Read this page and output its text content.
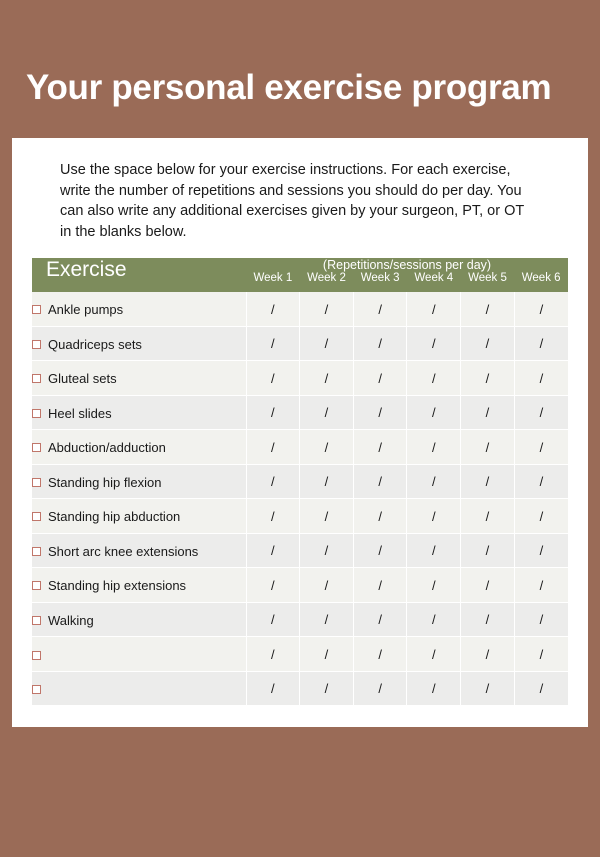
Your personal exercise program

Use the space below for your exercise instructions. For each exercise, write the number of repetitions and sessions you should do per day. You can also write any additional exercises given by your surgeon, PT, or OT in the blanks below.

Exercise	(Repetitions/sessions per day)					
	Week 1	Week 2	Week 3	Week 4	Week 5	Week 6
Ankle pumps	/	/	/	/	/	/
Quadriceps sets	/	/	/	/	/	/
Gluteal sets	/	/	/	/	/	/
Heel slides	/	/	/	/	/	/
Abduction/adduction	/	/	/	/	/	/
Standing hip flexion	/	/	/	/	/	/
Standing hip abduction	/	/	/	/	/	/
Short arc knee extensions	/	/	/	/	/	/
Standing hip extensions	/	/	/	/	/	/
Walking	/	/	/	/	/	/
	/	/	/	/	/	/
	/	/	/	/	/	/
